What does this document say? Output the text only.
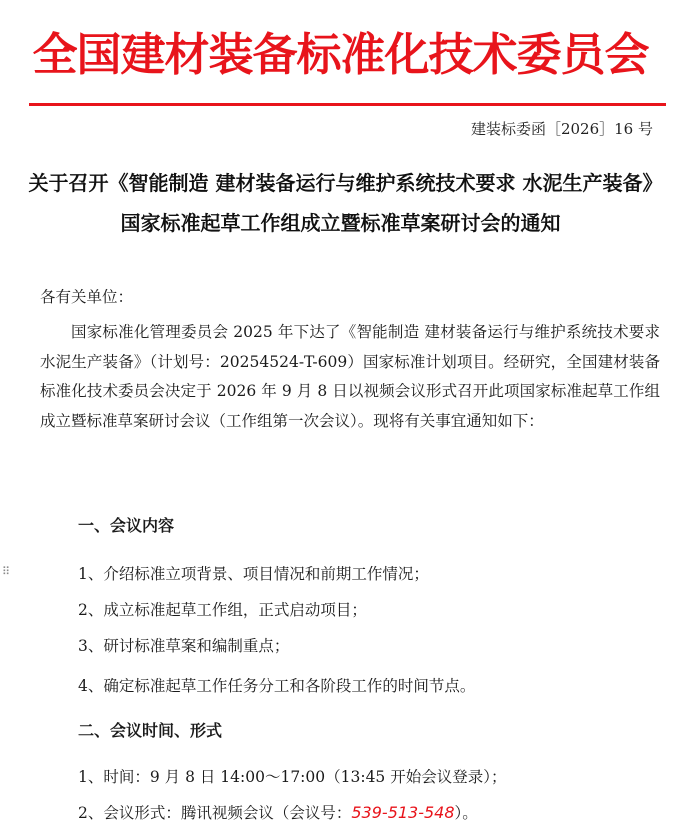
全国建材装备标准化技术委员会
建装标委函［2026］16 号
关于召开《智能制造 建材装备运行与维护系统技术要求 水泥生产装备》国家标准起草工作组成立暨标准草案研讨会的通知
各有关单位：

国家标准化管理委员会 2025 年下达了《智能制造 建材装备运行与维护系统技术要求 水泥生产装备》（计划号：20254524-T-609）国家标准计划项目。经研究，全国建材装备标准化技术委员会决定于 2026 年 9 月 8 日以视频会议形式召开此项国家标准起草工作组成立暨标准草案研讨会议（工作组第一次会议）。现将有关事宜通知如下：

一、会议内容
1、介绍标准立项背景、项目情况和前期工作情况；
2、成立标准起草工作组，正式启动项目；
3、研讨标准草案和编制重点；
4、确定标准起草工作任务分工和各阶段工作的时间节点。
二、会议时间、形式
1、时间：9 月 8 日 14:00～17:00（13:45 开始会议登录）；
2、会议形式：腾讯视频会议（会议号：539-513-548）。
⠿
